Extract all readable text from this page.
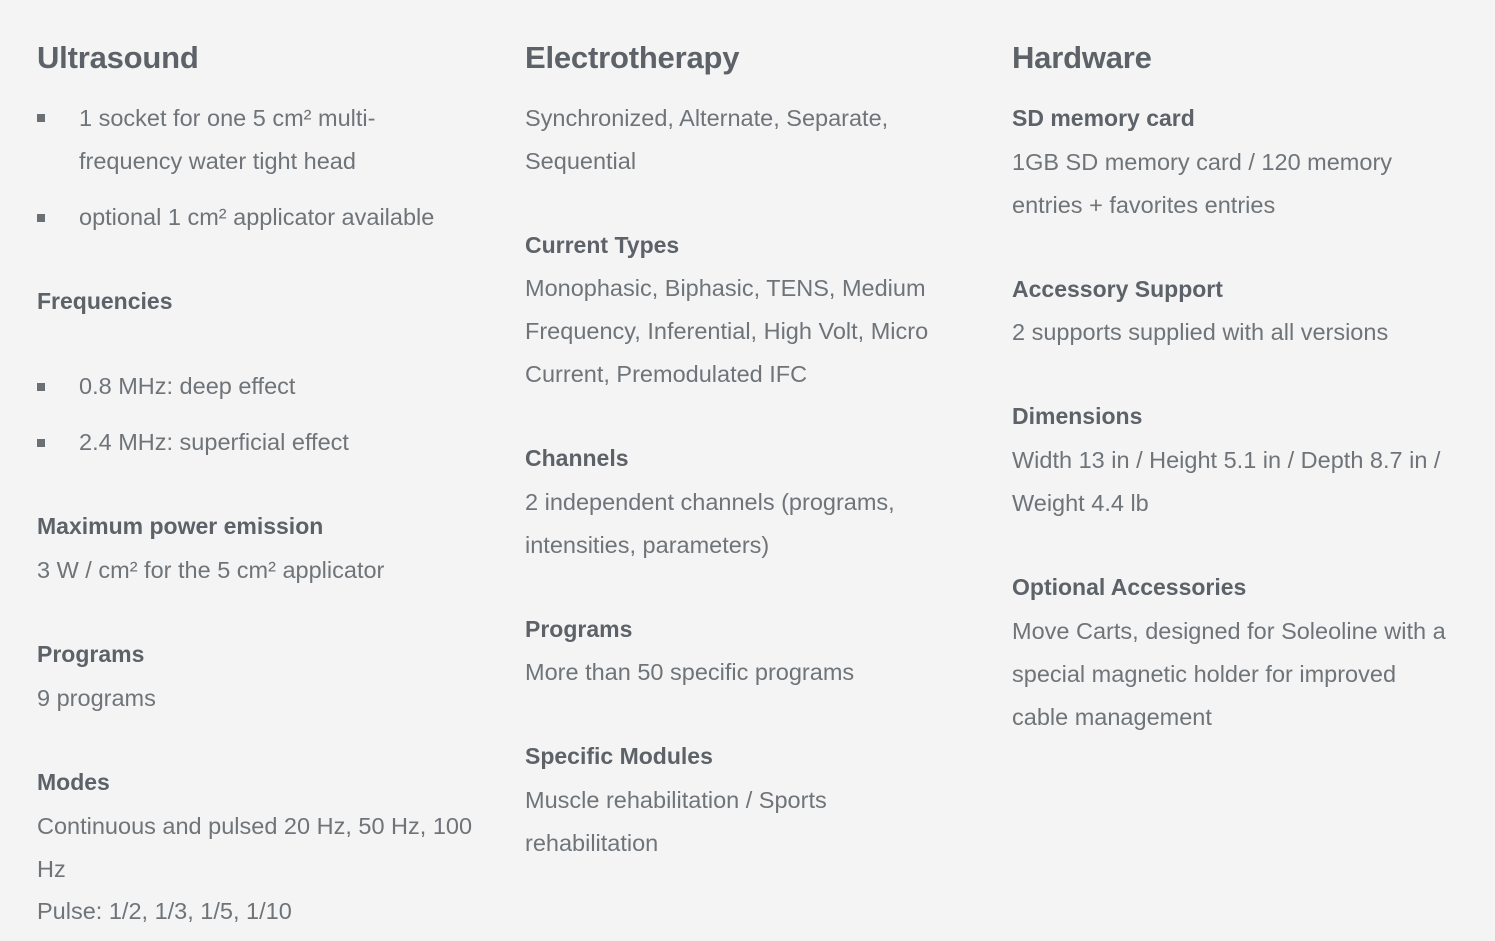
Ultrasound
1 socket for one 5 cm² multi-
frequency water tight head
optional 1 cm² applicator available
Frequencies
0.8 MHz: deep effect
2.4 MHz: superficial effect
Maximum power emission
3 W / cm² for the 5 cm² applicator
Programs
9 programs
Modes
Continuous and pulsed 20 Hz, 50 Hz, 100
Hz
Pulse: 1/2, 1/3, 1/5, 1/10
Electrotherapy
Synchronized, Alternate, Separate,
Sequential
Current Types
Monophasic, Biphasic, TENS, Medium
Frequency, Inferential, High Volt, Micro
Current, Premodulated IFC
Channels
2 independent channels (programs,
intensities, parameters)
Programs
More than 50 specific programs
Specific Modules
Muscle rehabilitation / Sports
rehabilitation
Hardware
SD memory card
1GB SD memory card / 120 memory
entries + favorites entries
Accessory Support
2 supports supplied with all versions
Dimensions
Width 13 in / Height 5.1 in / Depth 8.7 in /
Weight 4.4 lb
Optional Accessories
Move Carts, designed for Soleoline with a
special magnetic holder for improved
cable management
